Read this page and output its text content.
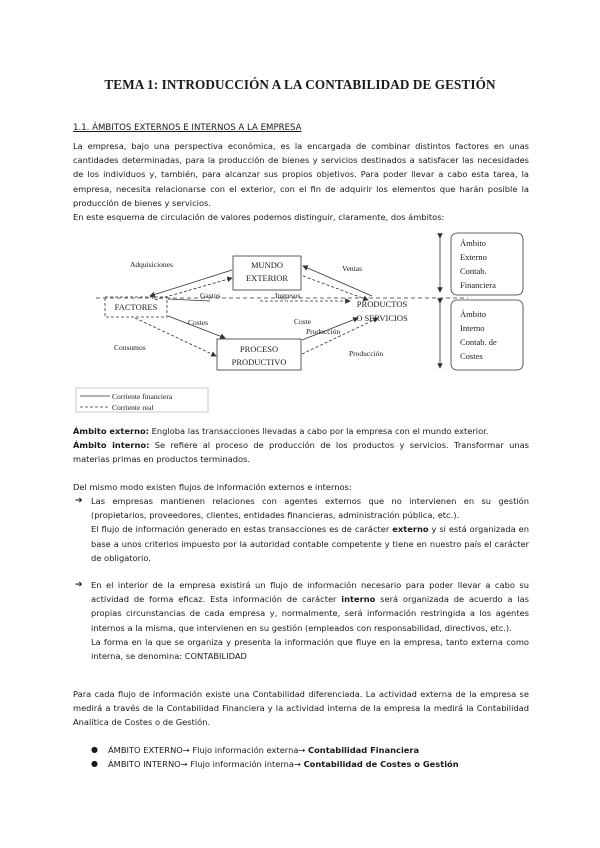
TEMA 1: INTRODUCCIÓN A LA CONTABILIDAD DE GESTIÓN
1.1. ÁMBITOS EXTERNOS E INTERNOS A LA EMPRESA
La empresa, bajo una perspectiva económica, es la encargada de combinar distintos factores en unas cantidades determinadas, para la producción de bienes y servicios destinados a satisfacer las necesidades de los individuos y, también, para alcanzar sus propios objetivos. Para poder llevar a cabo esta tarea, la empresa, necesita relacionarse con el exterior, con el fin de adquirir los elementos que harán posible la producción de bienes y servicios.
En este esquema de circulación de valores podemos distinguir, claramente, dos ámbitos:
MUNDO
EXTERIOR
FACTORES	PRODUCTOS
O SERVICIOS
PROCESO
PRODUCTIVO
Ámbito
Externo
Contab.
Financiera
Ámbito
Interno
Contab. de
Costes
Adquisiciones	Ventas
Gastos	Ingresos
Costes	Coste
Producción
Consumos
Producción
Corriente financiera
Corriente real
Ámbito externo: Engloba las transacciones llevadas a cabo por la empresa con el mundo exterior.
Ámbito interno: Se refiere al proceso de producción de los productos y servicios. Transformar unas materias primas en productos terminados.
Del mismo modo existen flujos de información externos e internos:
➔ Las empresas mantienen relaciones con agentes externos que no intervienen en su gestión (propietarios, proveedores, clientes, entidades financieras, administración pública, etc.).
El flujo de información generado en estas transacciones es de carácter externo y si está organizada en base a unos criterios impuesto por la autoridad contable competente y tiene en nuestro país el carácter de obligatorio.
➔ En el interior de la empresa existirá un flujo de información necesario para poder llevar a cabo su actividad de forma eficaz. Esta información de carácter interno será organizada de acuerdo a las propias circunstancias de cada empresa y, normalmente, será información restringida a los agentes internos a la misma, que intervienen en su gestión (empleados con responsabilidad, directivos, etc.).
La forma en la que se organiza y presenta la información que fluye en la empresa, tanto externa como interna, se denomina: CONTABILIDAD
Para cada flujo de información existe una Contabilidad diferenciada. La actividad externa de la empresa se medirá a través de la Contabilidad Financiera y la actividad interna de la empresa la medirá la Contabilidad Analítica de Costes o de Gestión.
● ÁMBITO EXTERNO→ Flujo información externa→ Contabilidad Financiera
● ÁMBITO INTERNO→ Flujo información interna→ Contabilidad de Costes o Gestión
